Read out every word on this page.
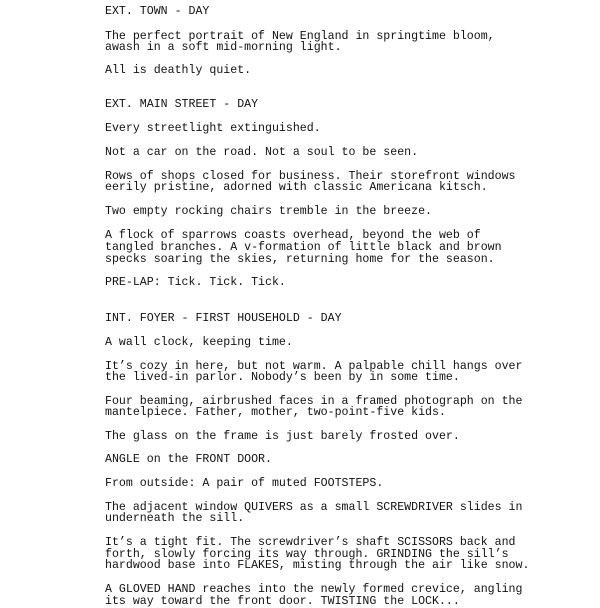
EXT. TOWN - DAY

The perfect portrait of New England in springtime bloom,

awash in a soft mid-morning light.

All is deathly quiet.

EXT. MAIN STREET - DAY

Every streetlight extinguished.

Not a car on the road. Not a soul to be seen.

Rows of shops closed for business. Their storefront windows

eerily pristine, adorned with classic Americana kitsch.

Two empty rocking chairs tremble in the breeze.

A flock of sparrows coasts overhead, beyond the web of

tangled branches. A v-formation of little black and brown

specks soaring the skies, returning home for the season.

PRE-LAP: Tick. Tick. Tick.

INT. FOYER - FIRST HOUSEHOLD - DAY

A wall clock, keeping time.

It’s cozy in here, but not warm. A palpable chill hangs over

the lived-in parlor. Nobody’s been by in some time.

Four beaming, airbrushed faces in a framed photograph on the

mantelpiece. Father, mother, two-point-five kids.

The glass on the frame is just barely frosted over.

ANGLE on the FRONT DOOR.

From outside: A pair of muted FOOTSTEPS.

The adjacent window QUIVERS as a small SCREWDRIVER slides in

underneath the sill.

It’s a tight fit. The screwdriver’s shaft SCISSORS back and

forth, slowly forcing its way through. GRINDING the sill’s

hardwood base into FLAKES, misting through the air like snow.

A GLOVED HAND reaches into the newly formed crevice, angling

its way toward the front door. TWISTING the LOCK...
